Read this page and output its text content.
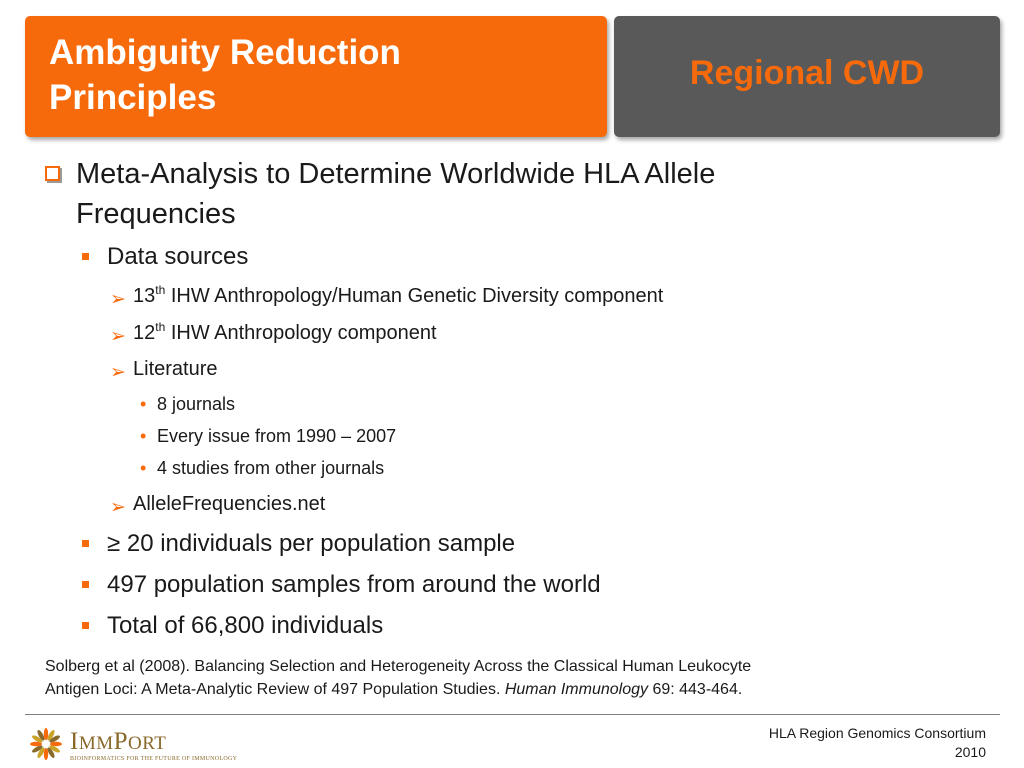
Ambiguity Reduction
Principles
Regional CWD
Meta-Analysis to Determine Worldwide HLA Allele
Frequencies
Data sources
➢ 13th IHW Anthropology/Human Genetic Diversity component
➢ 12th IHW Anthropology component
➢ Literature
• 8 journals
• Every issue from 1990 – 2007
• 4 studies from other journals
➢ AlleleFrequencies.net
≥ 20 individuals per population sample
497 population samples from around the world
Total of 66,800 individuals
Solberg et al (2008). Balancing Selection and Heterogeneity Across the Classical Human Leukocyte
Antigen Loci: A Meta-Analytic Review of 497 Population Studies. Human Immunology 69: 443-464.
IMMPORT
BIOINFORMATICS FOR THE FUTURE OF IMMUNOLOGY
HLA Region Genomics Consortium
2010
